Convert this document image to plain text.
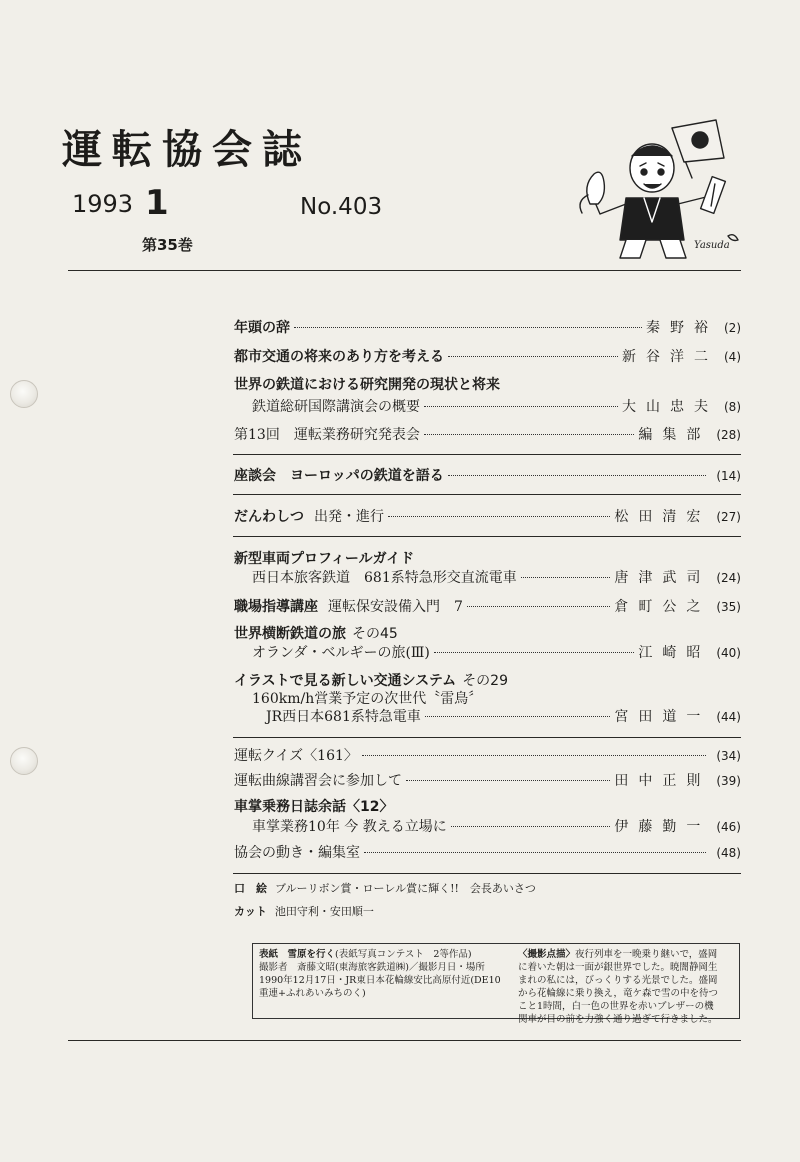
運転協会誌
1993 1	No.403
第35巻	Yasuda
年頭の辞	秦野裕 (2)
都市交通の将来のあり方を考える	新谷洋二 (4)
世界の鉄道における研究開発の現状と将来
鉄道総研国際講演会の概要	大山忠夫 (8)
第13回　運転業務研究発表会	編集部 (28)
座談会　ヨーロッパの鉄道を語る	(14)
だんわしつ 出発・進行	松田清宏 (27)
新型車両プロフィールガイド
西日本旅客鉄道　681系特急形交直流電車	唐津武司 (24)
職場指導講座 運転保安設備入門　7	倉町公之 (35)
世界横断鉄道の旅 その45
オランダ・ベルギーの旅(Ⅲ)	江崎昭 (40)
イラストで見る新しい交通システム その29
160km/h営業予定の次世代〝雷鳥〞
JR西日本681系特急電車	宮田道一 (44)
運転クイズ〈161〉	(34)
運転曲線講習会に参加して	田中正則 (39)
車掌乗務日誌余話〈12〉
車掌業務10年 今 教える立場に	伊藤勤一 (46)
協会の動き・編集室	(48)
口　絵 ブルーリボン賞・ローレル賞に輝く!!　会長あいさつ
カット 池田守利・安田順一
表紙　雪原を行く(表紙写真コンテスト　2等作品)
撮影者　斎藤文昭(東海旅客鉄道㈱)／撮影月日・場所
1990年12月17日・JR東日本花輪線安比高原付近(DE10
重連+ふれあいみちのく)
〈撮影点描〉夜行列車を一晩乗り継いで，盛岡
に着いた朝は一面が銀世界でした。暁闇静岡生
まれの私には，びっくりする光景でした。盛岡
から花輪線に乗り換え，竜ケ森で雪の中を待つ
こと1時間，白一色の世界を赤いブレザーの機
関車が目の前を力強く通り過ぎて行きました。
